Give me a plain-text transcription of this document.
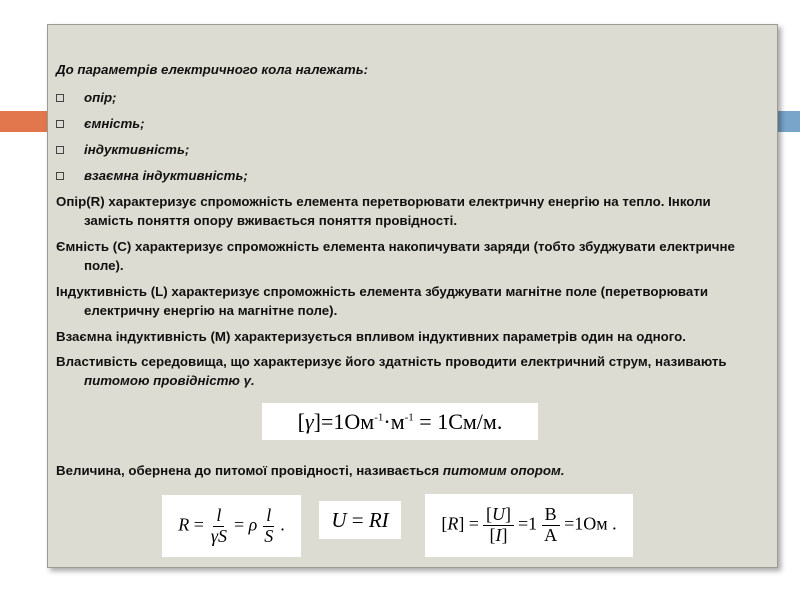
До параметрів електричного кола належать:
опір;
ємність;
індуктивність;
взаємна індуктивність;
Опір(R) характеризує спроможність елемента перетворювати електричну енергію на тепло. Інколи
замість поняття опору вживається поняття провідності.
Ємність (С) характеризує спроможність елемента накопичувати заряди (тобто збуджувати електричне
поле).
Індуктивність (L) характеризує спроможність елемента збуджувати магнітне поле (перетворювати
електричну енергію на магнітне поле).
Взаємна індуктивність (М) характеризується впливом індуктивних параметрів один на одного.
Властивість середовища, що характеризує його здатність проводити електричний струм, називають
питомою провідністю γ.
$[\gamma]=1Ом^{-1}\cdot м^{-1} = 1См/м$.
Величина, обернена до питомої провідності, називається питомим опором.
$R = \frac{l}{\gamma S} = \rho \frac{l}{S}$ . U = RI	$[R] = \frac{[U]}{[I]} =1 \frac{В}{А} =1Ом$ .
